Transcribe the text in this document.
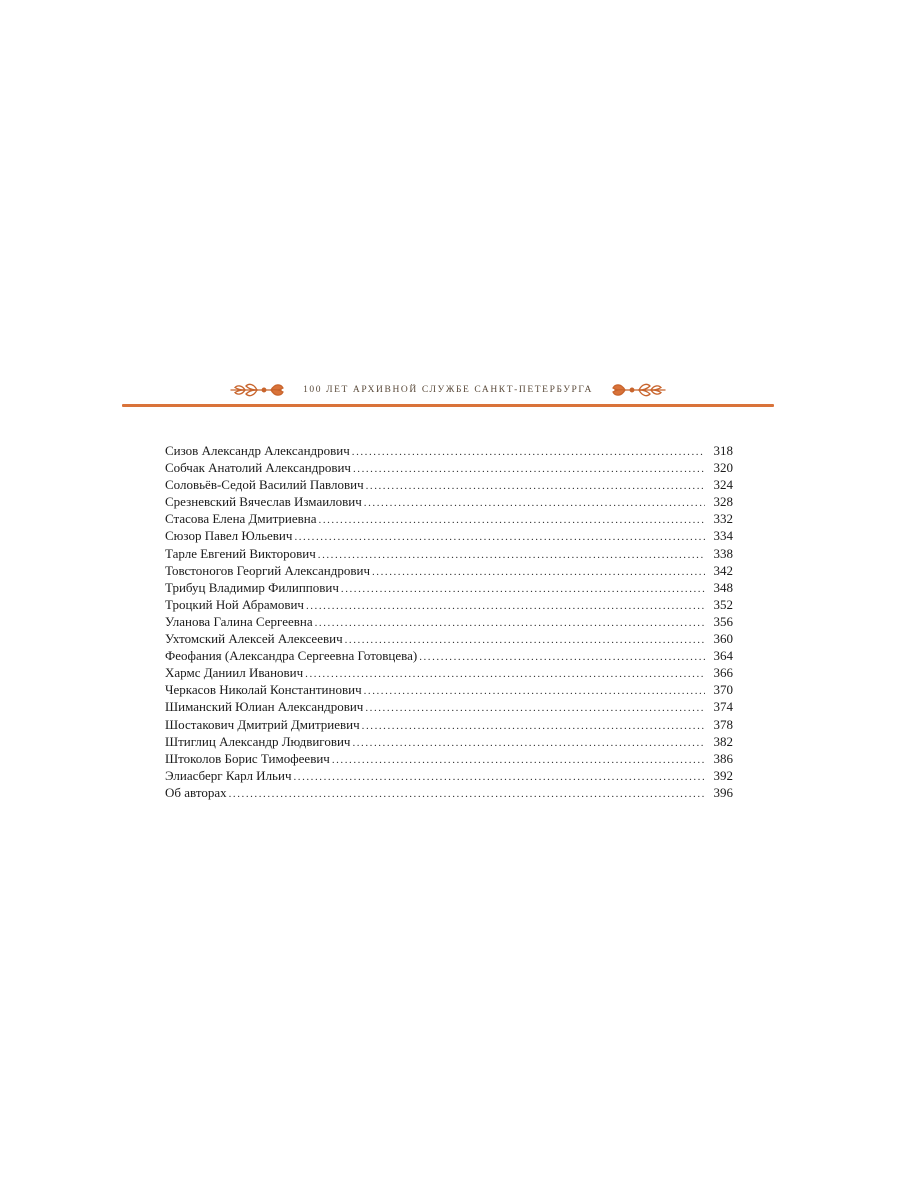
100 ЛЕТ АРХИВНОЙ СЛУЖБЕ САНКТ-ПЕТЕРБУРГА
Сизов Александр Александрович . . .	318
Собчак Анатолий Александрович . . .	320
Соловьёв-Седой Василий Павлович . . .	324
Срезневский Вячеслав Измаилович . . .	328
Стасова Елена Дмитриевна . . .	332
Сюзор Павел Юльевич . . .	334
Тарле Евгений Викторович . . .	338
Товстоногов Георгий Александрович . . .	342
Трибуц Владимир Филиппович . . .	348
Троцкий Ной Абрамович . . .	352
Уланова Галина Сергеевна . . .	356
Ухтомский Алексей Алексеевич . . .	360
Феофания (Александра Сергеевна Готовцева) . . .	364
Хармс Даниил Иванович . . .	366
Черкасов Николай Константинович . . .	370
Шиманский Юлиан Александрович . . .	374
Шостакович Дмитрий Дмитриевич . . .	378
Штиглиц Александр Людвигович . . .	382
Штоколов Борис Тимофеевич . . .	386
Элиасберг Карл Ильич . . .	392
Об авторах . . .	396
